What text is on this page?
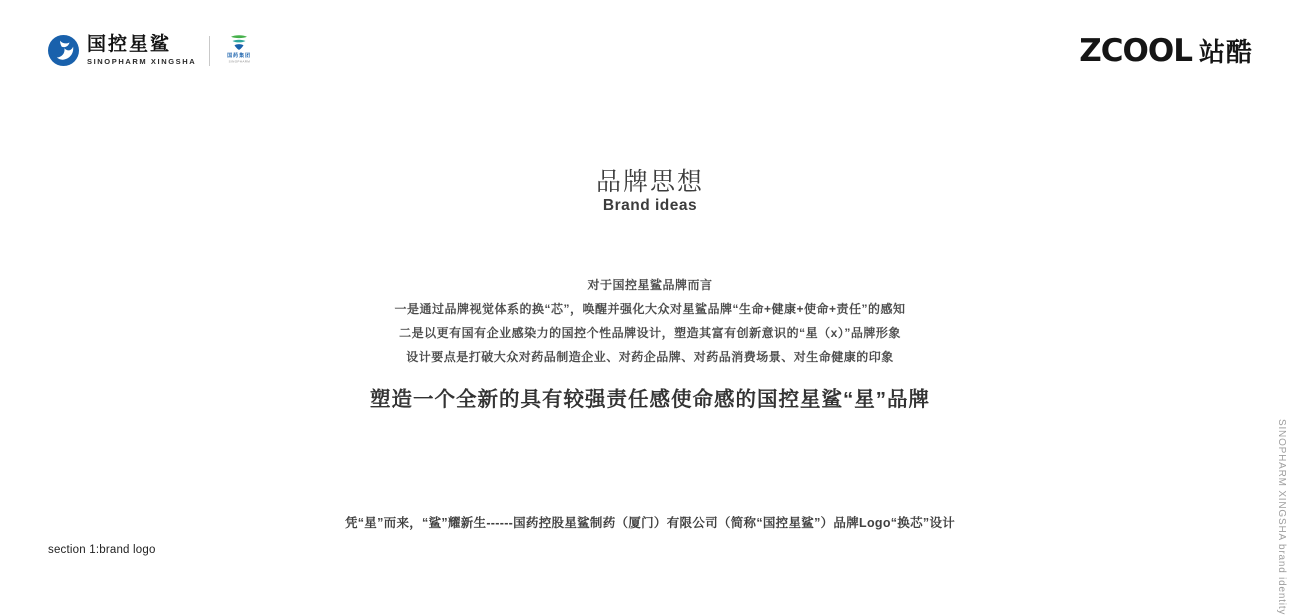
国控星鲨
SINOPHARM XINGSHA
国药集团
SINOPHARM	ZCOOL 站酷
品牌思想
Brand ideas
对于国控星鲨品牌而言
一是通过品牌视觉体系的换“芯”，唤醒并强化大众对星鲨品牌“生命+健康+使命+责任”的感知
二是以更有国有企业感染力的国控个性品牌设计，塑造其富有创新意识的“星（x）”品牌形象
设计要点是打破大众对药品制造企业、对药企品牌、对药品消费场景、对生命健康的印象
塑造一个全新的具有较强责任感使命感的国控星鲨“星”品牌
凭“星”而来，“鲨”耀新生------国药控股星鲨制药（厦门）有限公司（简称“国控星鲨”）品牌Logo“换芯”设计
section 1:brand logo	SINOPHARM XINGSHA brand identity
